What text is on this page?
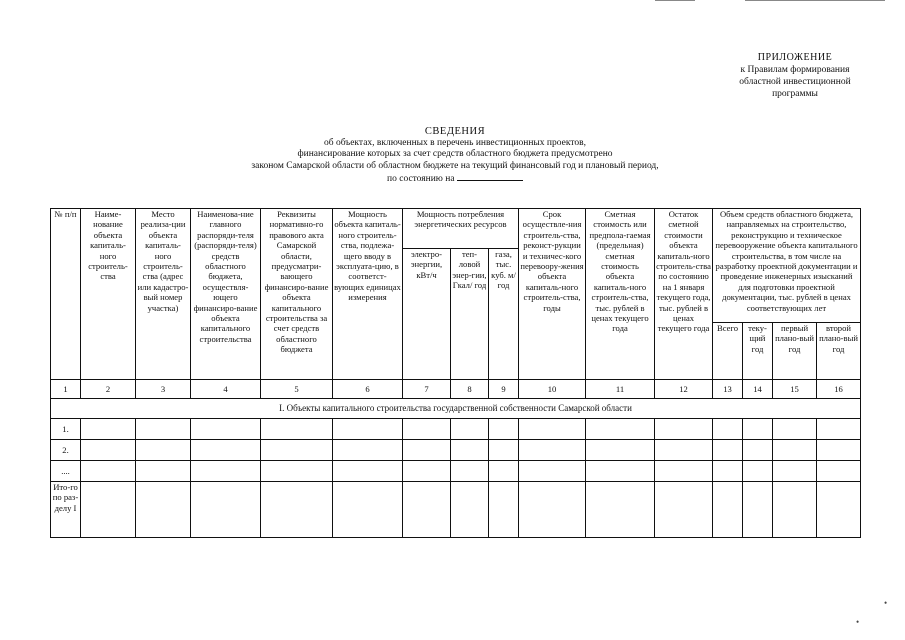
ПРИЛОЖЕНИЕ
к Правилам формирования
областной инвестиционной
программы
СВЕДЕНИЯ
об объектах, включенных в перечень инвестиционных проектов,
финансирование которых за счет средств областного бюджета предусмотрено
законом Самарской области об областном бюджете на текущий финансовый год и плановый период,
по состоянию на
№ п/п	Наиме-нование объекта капиталь-ного строитель-ства	Место реализа-ции объекта капиталь-ного строитель-ства (адрес или кадастро-вый номер участка)	Наименова-ние главного распоряди-теля (распоряди-теля) средств областного бюджета, осуществля-ющего финансиро-вание объекта капитального строительства	Реквизиты нормативно-го правового акта Самарской области, предусматри-вающего финансиро-вание объекта капитального строительства за счет средств областного бюджета	Мощность объекта капиталь-ного строитель-ства, подлежа-щего вводу в эксплуата-цию, в соответст-вующих единицах измерения	Мощность потребления энергетических ресурсов			Срок осуществле-ния строитель-ства, реконст-рукции и техничес-кого перевоору-жения объекта капиталь-ного строитель-ства, годы	Сметная стоимость или предпола-гаемая (предельная) сметная стоимость объекта капиталь-ного строитель-ства, тыс. рублей в ценах текущего года	Остаток сметной стоимости объекта капиталь-ного строитель-ства по состоянию на 1 января текущего года, тыс. рублей в ценах текущего года	Объем средств областного бюджета, направляемых на строительство, реконструкцию и техническое перевооружение объекта капитального строительства, в том числе на разработку проектной документации и проведение инженерных изысканий для подготовки проектной документации, тыс. рублей в ценах соответствующих лет			
						электро-энергии, кВт/ч	теп-ловой энер-гии, Гкал/ год	газа, тыс. куб. м/год							
												Всего	теку-щий год	первый плано-вый год	второй плано-вый год
1	2	3	4	5	6	7	8	9	10	11	12	13	14	15	16
I. Объекты капитального строительства государственной собственности Самарской области															
1.															
2.															
....															
Ито-го по раз-делу I															
•
•
